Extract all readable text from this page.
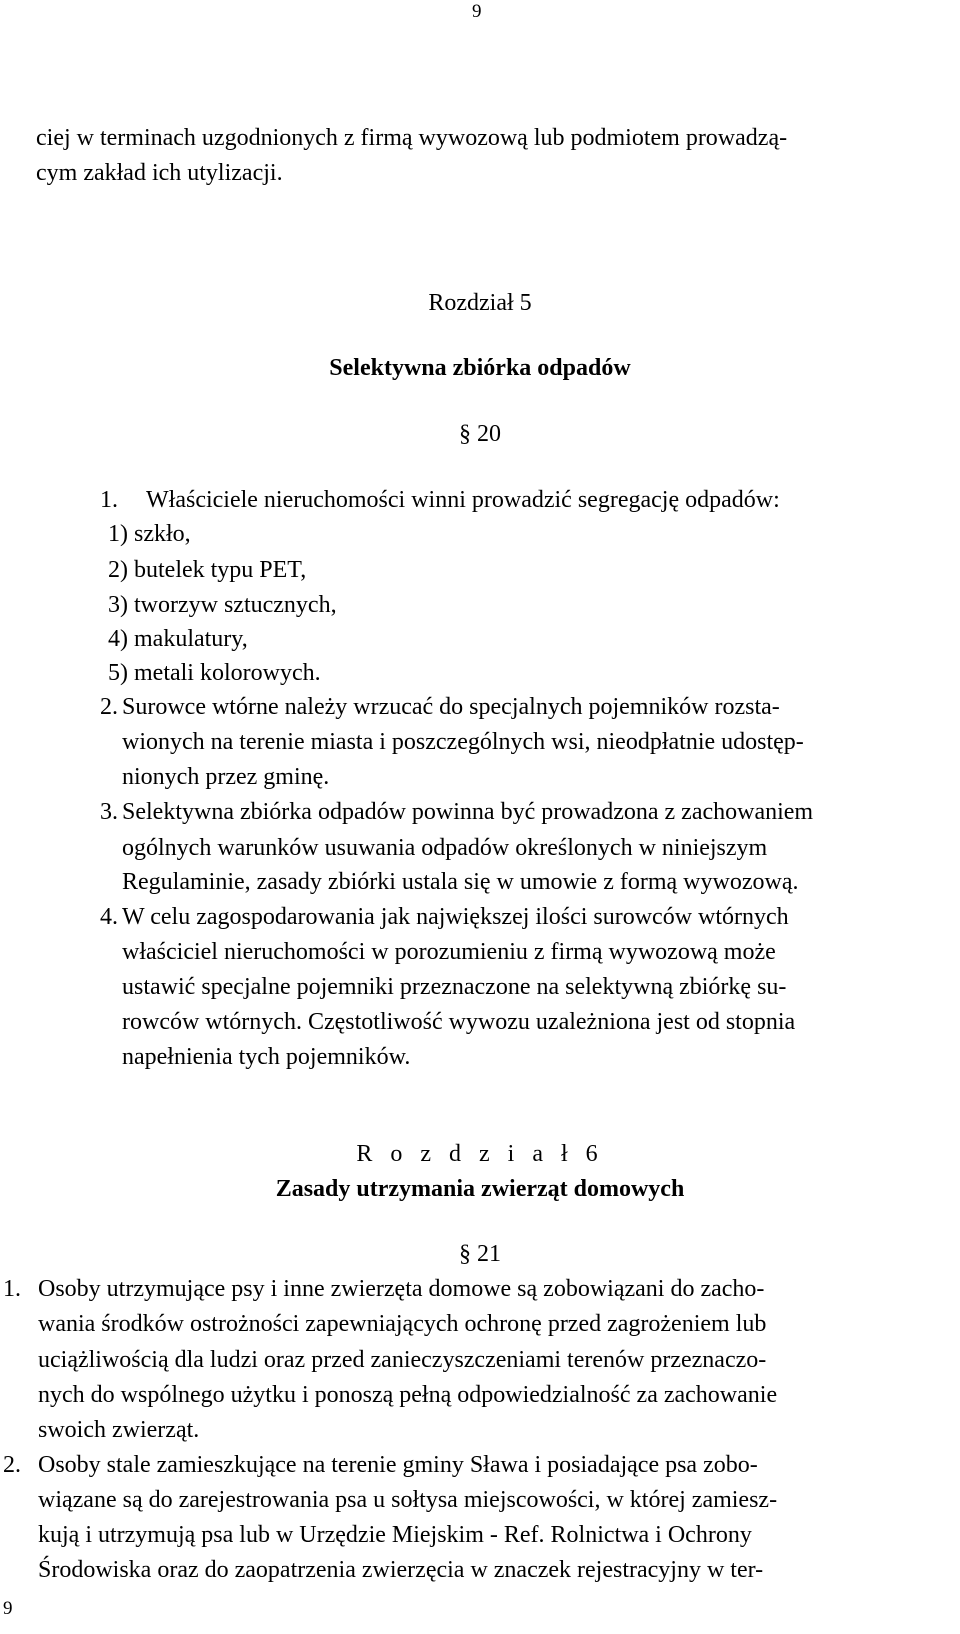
9
9
ciej w terminach uzgodnionych z firmą wywozową lub podmiotem prowadzą-
cym zakład ich utylizacji.
Rozdział 5
Selektywna zbiórka odpadów
§ 20
1. Właściciele nieruchomości winni prowadzić segregację odpadów:
1) szkło,
2) butelek typu PET,
3) tworzyw sztucznych,
4) makulatury,
5) metali kolorowych.
2. Surowce wtórne należy wrzucać do specjalnych pojemników rozsta-
wionych na terenie miasta i poszczególnych wsi, nieodpłatnie udostęp-
nionych przez gminę.
3. Selektywna zbiórka odpadów powinna być prowadzona z zachowaniem
ogólnych warunków usuwania odpadów określonych w niniejszym
Regulaminie, zasady zbiórki ustala się w umowie z formą wywozową.
4. W celu zagospodarowania jak największej ilości surowców wtórnych
właściciel nieruchomości w porozumieniu z firmą wywozową może
ustawić specjalne pojemniki przeznaczone na selektywną zbiórkę su-
rowców wtórnych. Częstotliwość wywozu uzależniona jest od stopnia
napełnienia tych pojemników.
R o z d z i a ł 6
Zasady utrzymania zwierząt domowych
§ 21
1. Osoby utrzymujące psy i inne zwierzęta domowe są zobowiązani do zacho-
wania środków ostrożności zapewniających ochronę przed zagrożeniem lub
uciążliwością dla ludzi oraz przed zanieczyszczeniami terenów przeznaczo-
nych do wspólnego użytku i ponoszą pełną odpowiedzialność za zachowanie
swoich zwierząt.
2. Osoby stale zamieszkujące na terenie gminy Sława i posiadające psa zobo-
wiązane są do zarejestrowania psa u sołtysa miejscowości, w której zamiesz-
kują i utrzymują psa lub w Urzędzie Miejskim - Ref. Rolnictwa i Ochrony
Środowiska oraz do zaopatrzenia zwierzęcia w znaczek rejestracyjny w ter-
